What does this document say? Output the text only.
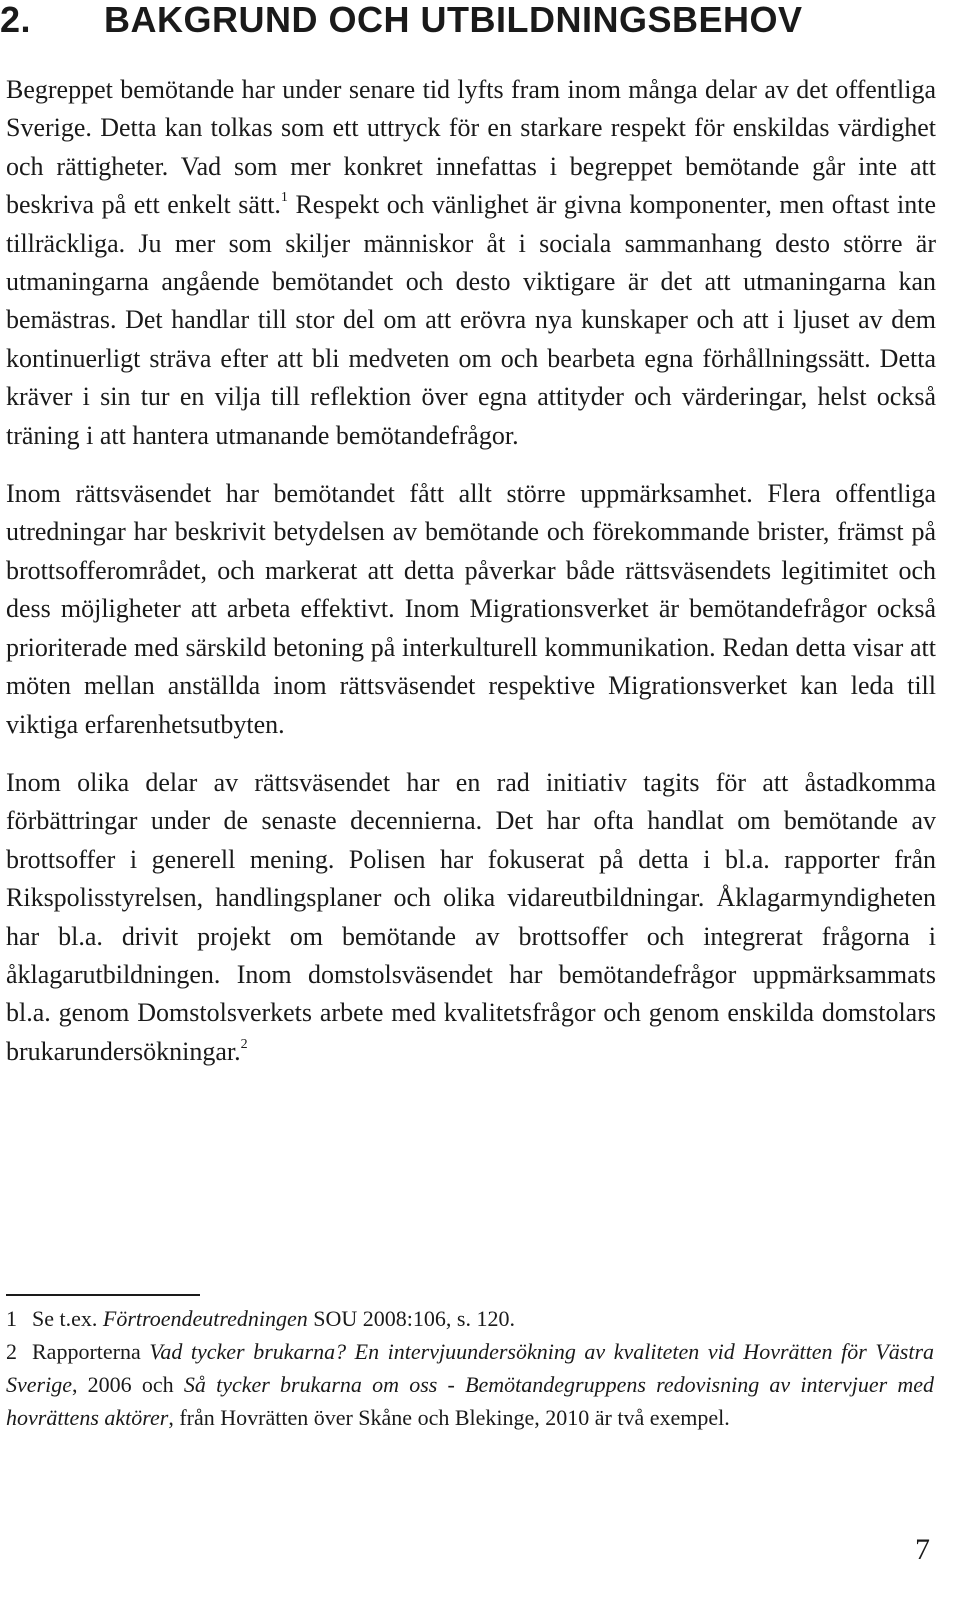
2. BAKGRUND OCH UTBILDNINGSBEHOV

Begreppet bemötande har under senare tid lyfts fram inom många delar av det offentliga Sverige. Detta kan tolkas som ett uttryck för en starkare respekt för enskildas värdighet och rättigheter. Vad som mer konkret innefattas i begreppet bemötande går inte att beskriva på ett enkelt sätt.$^1$ Respekt och vänlighet är givna komponenter, men oftast inte tillräckliga. Ju mer som skiljer människor åt i sociala sammanhang desto större är utmaningarna angående bemötandet och desto viktigare är det att utmaningarna kan bemästras. Det handlar till stor del om att erövra nya kunskaper och att i ljuset av dem kontinuerligt sträva efter att bli medveten om och bearbeta egna förhållningssätt. Detta kräver i sin tur en vilja till reflektion över egna attityder och värderingar, helst också träning i att hantera utmanande bemötandefrågor.

Inom rättsväsendet har bemötandet fått allt större uppmärksamhet. Flera offentliga utredningar har beskrivit betydelsen av bemötande och förekommande brister, främst på brottsofferområdet, och markerat att detta påverkar både rättsväsendets legitimitet och dess möjligheter att arbeta effektivt. Inom Migrationsverket är bemötandefrågor också prioriterade med särskild betoning på interkulturell kommunikation. Redan detta visar att möten mellan anställda inom rättsväsendet respektive Migrationsverket kan leda till viktiga erfarenhetsutbyten.

Inom olika delar av rättsväsendet har en rad initiativ tagits för att åstadkomma förbättringar under de senaste decennierna. Det har ofta handlat om bemötande av brottsoffer i generell mening. Polisen har fokuserat på detta i bl.a. rapporter från Rikspolisstyrelsen, handlingsplaner och olika vidareutbildningar. Åklagarmyndigheten har bl.a. drivit projekt om bemötande av brottsoffer och integrerat frågorna i åklagarutbildningen. Inom domstolsväsendet har bemötandefrågor uppmärksammats bl.a. genom Domstolsverkets arbete med kvalitetsfrågor och genom enskilda domstolars brukarundersökningar.$^2$

1 Se t.ex. Förtroendeutredningen SOU 2008:106, s. 120.

2 Rapporterna Vad tycker brukarna? En intervjuundersökning av kvaliteten vid Hovrätten för Västra Sverige, 2006 och Så tycker brukarna om oss - Bemötandegruppens redovisning av intervjuer med hovrättens aktörer, från Hovrätten över Skåne och Blekinge, 2010 är två exempel.

7
